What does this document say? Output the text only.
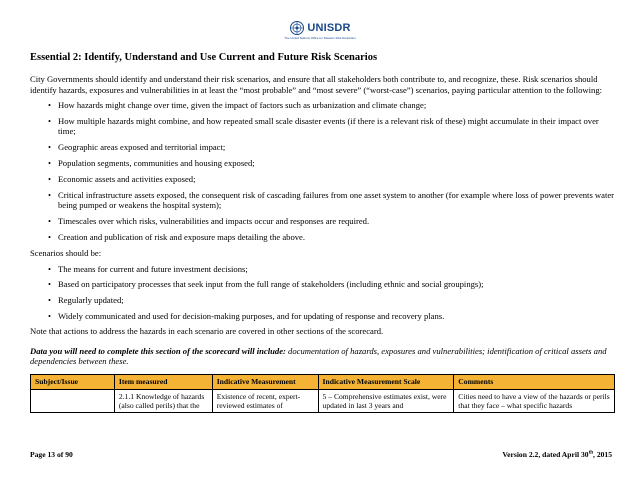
UNISDR
The United Nations Office for Disaster Risk Reduction
Essential 2: Identify, Understand and Use Current and Future Risk Scenarios

City Governments should identify and understand their risk scenarios, and ensure that all stakeholders both contribute to, and recognize, these. Risk scenarios should identify hazards, exposures and vulnerabilities in at least the “most probable” and “most severe” (“worst-case”) scenarios, paying particular attention to the following:

• How hazards might change over time, given the impact of factors such as urbanization and climate change;
• How multiple hazards might combine, and how repeated small scale disaster events (if there is a relevant risk of these) might accumulate in their impact over time;
• Geographic areas exposed and territorial impact;
• Population segments, communities and housing exposed;
• Economic assets and activities exposed;
• Critical infrastructure assets exposed, the consequent risk of cascading failures from one asset system to another (for example where loss of power prevents water being pumped or weakens the hospital system);
• Timescales over which risks, vulnerabilities and impacts occur and responses are required.
• Creation and publication of risk and exposure maps detailing the above.

Scenarios should be:

• The means for current and future investment decisions;
• Based on participatory processes that seek input from the full range of stakeholders (including ethnic and social groupings);
• Regularly updated;
• Widely communicated and used for decision-making purposes, and for updating of response and recovery plans.

Note that actions to address the hazards in each scenario are covered in other sections of the scorecard.

Data you will need to complete this section of the scorecard will include: documentation of hazards, exposures and vulnerabilities; identification of critical assets and dependencies between these.

Subject/Issue	Item measured	Indicative Measurement	Indicative Measurement Scale	Comments
	2.1.1 Knowledge of hazards (also called perils) that the	Existence of recent, expert-reviewed estimates of	5 – Comprehensive estimates exist, were updated in last 3 years and	Cities need to have a view of the hazards or perils that they face – what specific hazards
Page 13 of 90	Version 2.2, dated April 30th, 2015
